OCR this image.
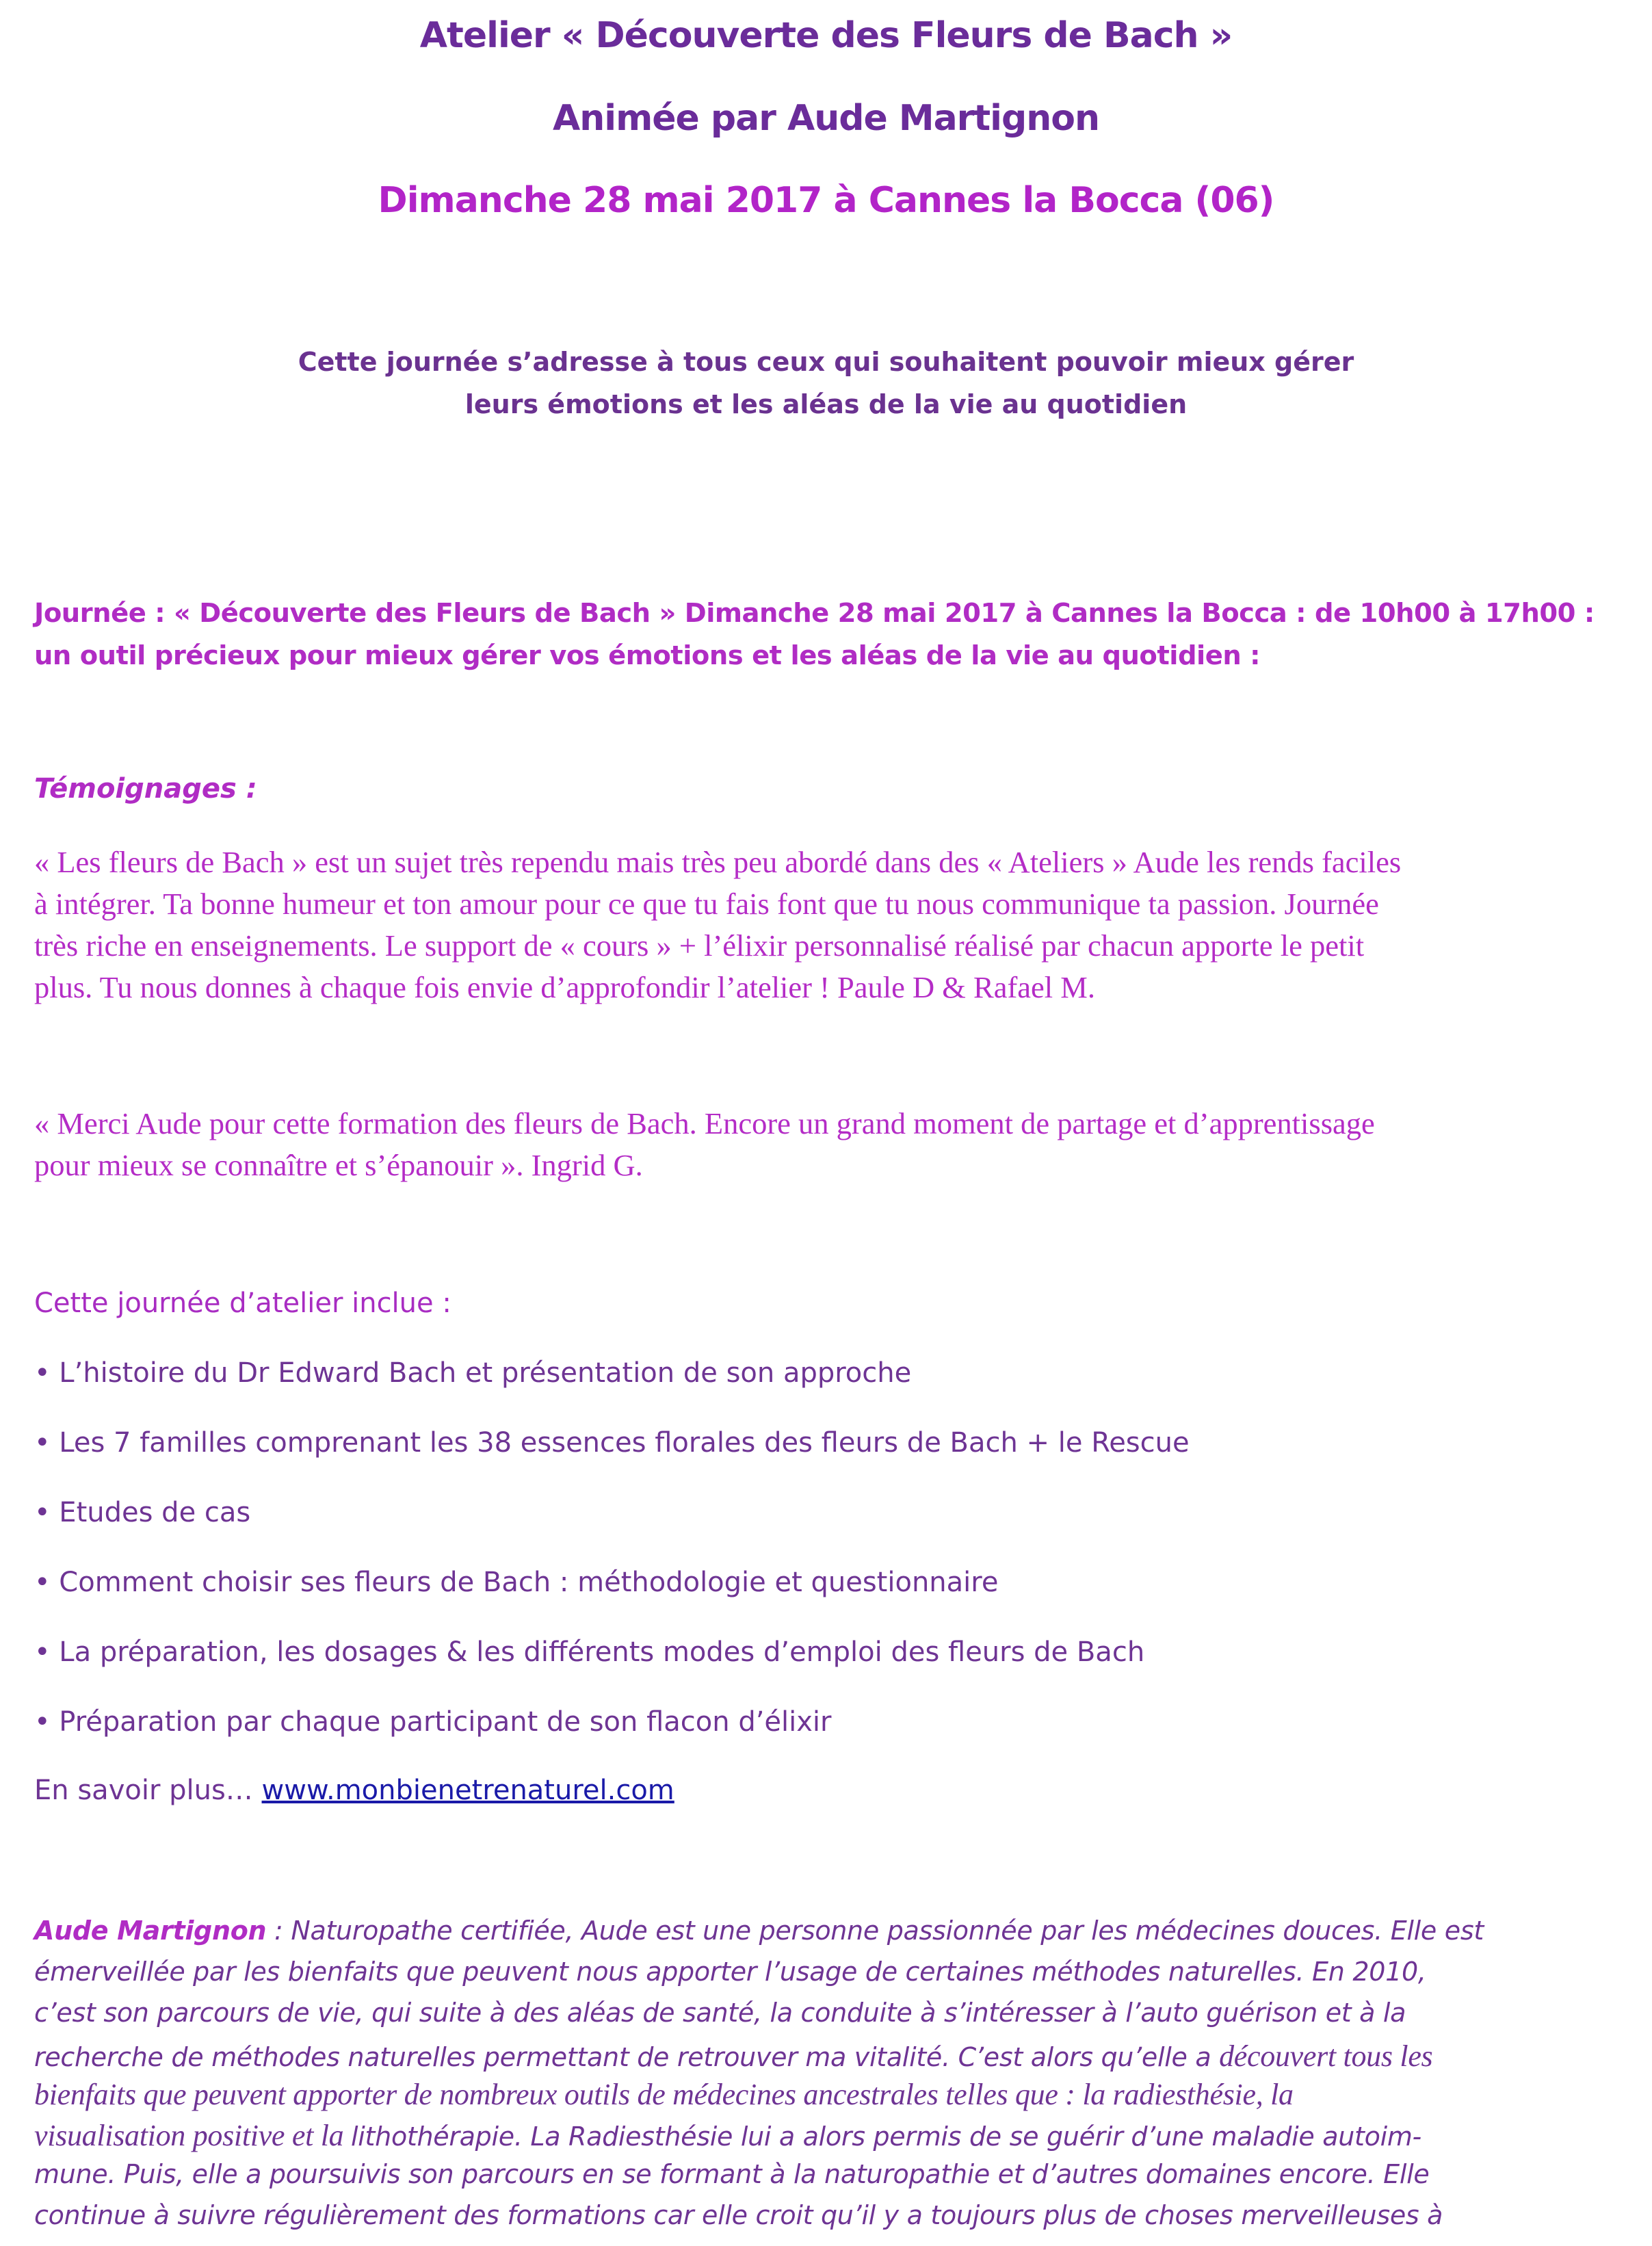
Atelier « Découverte des Fleurs de Bach »
Animée par Aude Martignon
Dimanche 28 mai 2017 à Cannes la Bocca (06)
Cette journée s’adresse à tous ceux qui souhaitent pouvoir mieux gérer
leurs émotions et les aléas de la vie au quotidien
Journée : « Découverte des Fleurs de Bach » Dimanche 28 mai 2017 à Cannes la Bocca : de 10h00 à 17h00 :
un outil précieux pour mieux gérer vos émotions et les aléas de la vie au quotidien :
Témoignages :
« Les fleurs de Bach » est un sujet très rependu mais très peu abordé dans des « Ateliers » Aude les rends faciles
à intégrer. Ta bonne humeur et ton amour pour ce que tu fais font que tu nous communique ta passion. Journée
très riche en enseignements. Le support de « cours » + l’élixir personnalisé réalisé par chacun apporte le petit
plus. Tu nous donnes à chaque fois envie d’approfondir l’atelier ! Paule D & Rafael M.
« Merci Aude pour cette formation des fleurs de Bach. Encore un grand moment de partage et d’apprentissage
pour mieux se connaître et s’épanouir ». Ingrid G.
Cette journée d’atelier inclue :
• L’histoire du Dr Edward Bach et présentation de son approche
• Les 7 familles comprenant les 38 essences florales des fleurs de Bach + le Rescue
• Etudes de cas
• Comment choisir ses fleurs de Bach : méthodologie et questionnaire
• La préparation, les dosages & les différents modes d’emploi des fleurs de Bach
• Préparation par chaque participant de son flacon d’élixir
En savoir plus… www.monbienetrenaturel.com
Aude Martignon : Naturopathe certifiée, Aude est une personne passionnée par les médecines douces. Elle est
émerveillée par les bienfaits que peuvent nous apporter l’usage de certaines méthodes naturelles. En 2010,
c’est son parcours de vie, qui suite à des aléas de santé, la conduite à s’intéresser à l’auto guérison et à la
recherche de méthodes naturelles permettant de retrouver ma vitalité. C’est alors qu’elle a découvert tous les
bienfaits que peuvent apporter de nombreux outils de médecines ancestrales telles que : la radiesthésie, la
visualisation positive et la lithothérapie. La Radiesthésie lui a alors permis de se guérir d’une maladie autoim-
mune. Puis, elle a poursuivis son parcours en se formant à la naturopathie et d’autres domaines encore. Elle
continue à suivre régulièrement des formations car elle croit qu’il y a toujours plus de choses merveilleuses à
